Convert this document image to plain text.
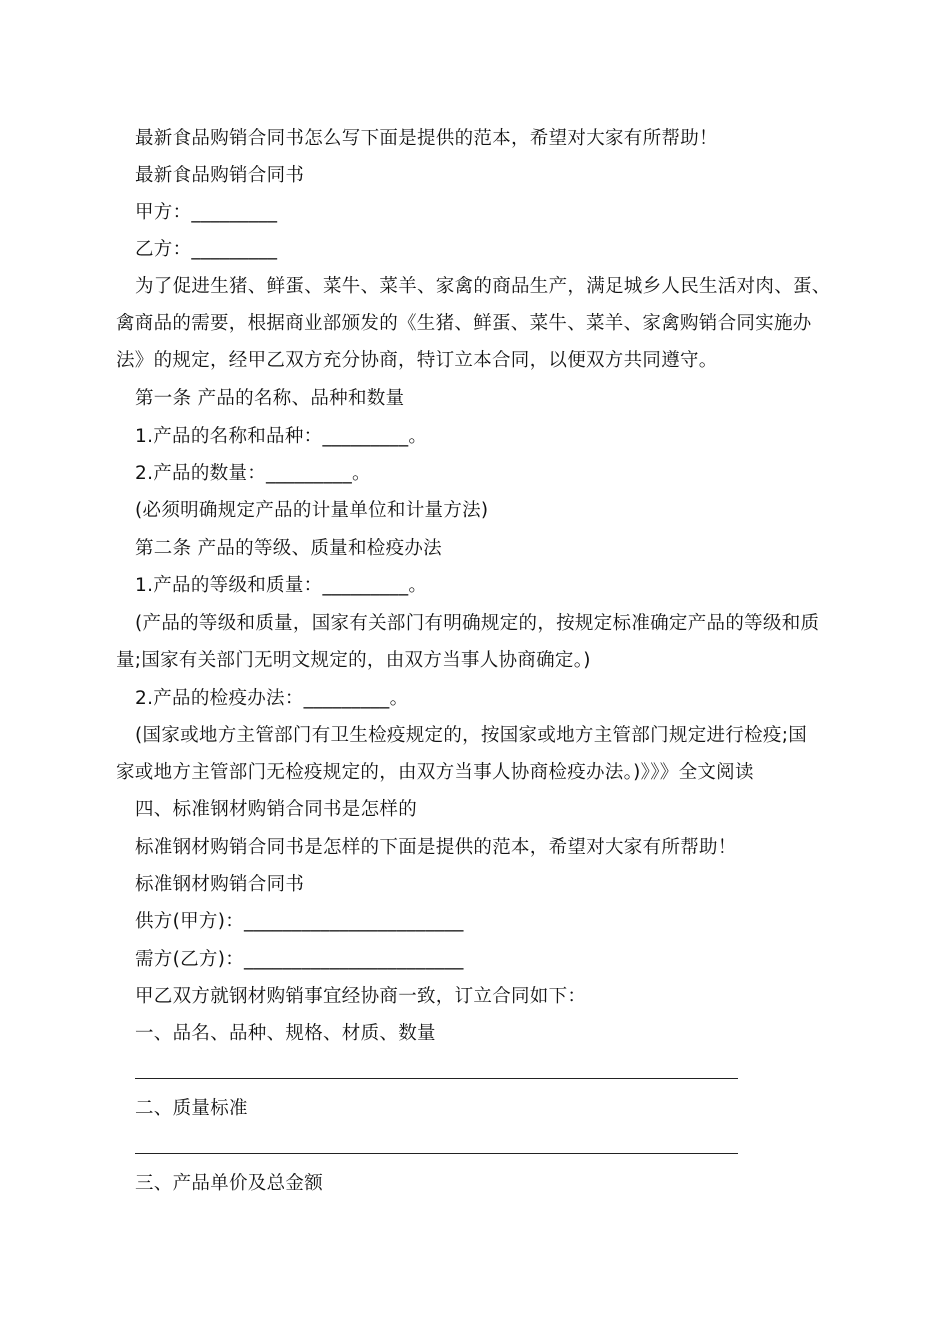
最新食品购销合同书怎么写下面是提供的范本，希望对大家有所帮助！
最新食品购销合同书
甲方：_________
乙方：_________
为了促进生猪、鲜蛋、菜牛、菜羊、家禽的商品生产，满足城乡人民生活对肉、蛋、
禽商品的需要，根据商业部颁发的《生猪、鲜蛋、菜牛、菜羊、家禽购销合同实施办
法》的规定，经甲乙双方充分协商，特订立本合同，以便双方共同遵守。
第一条 产品的名称、品种和数量
1.产品的名称和品种：_________。
2.产品的数量：_________。
(必须明确规定产品的计量单位和计量方法)
第二条 产品的等级、质量和检疫办法
1.产品的等级和质量：_________。
(产品的等级和质量，国家有关部门有明确规定的，按规定标准确定产品的等级和质
量;国家有关部门无明文规定的，由双方当事人协商确定。)
2.产品的检疫办法：_________。
(国家或地方主管部门有卫生检疫规定的，按国家或地方主管部门规定进行检疫;国
家或地方主管部门无检疫规定的，由双方当事人协商检疫办法。)》》》全文阅读
四、标准钢材购销合同书是怎样的
标准钢材购销合同书是怎样的下面是提供的范本，希望对大家有所帮助！
标准钢材购销合同书
供方(甲方)：_______________________
需方(乙方)：_______________________
甲乙双方就钢材购销事宜经协商一致，订立合同如下：
一、品名、品种、规格、材质、数量
二、质量标准
三、产品单价及总金额
